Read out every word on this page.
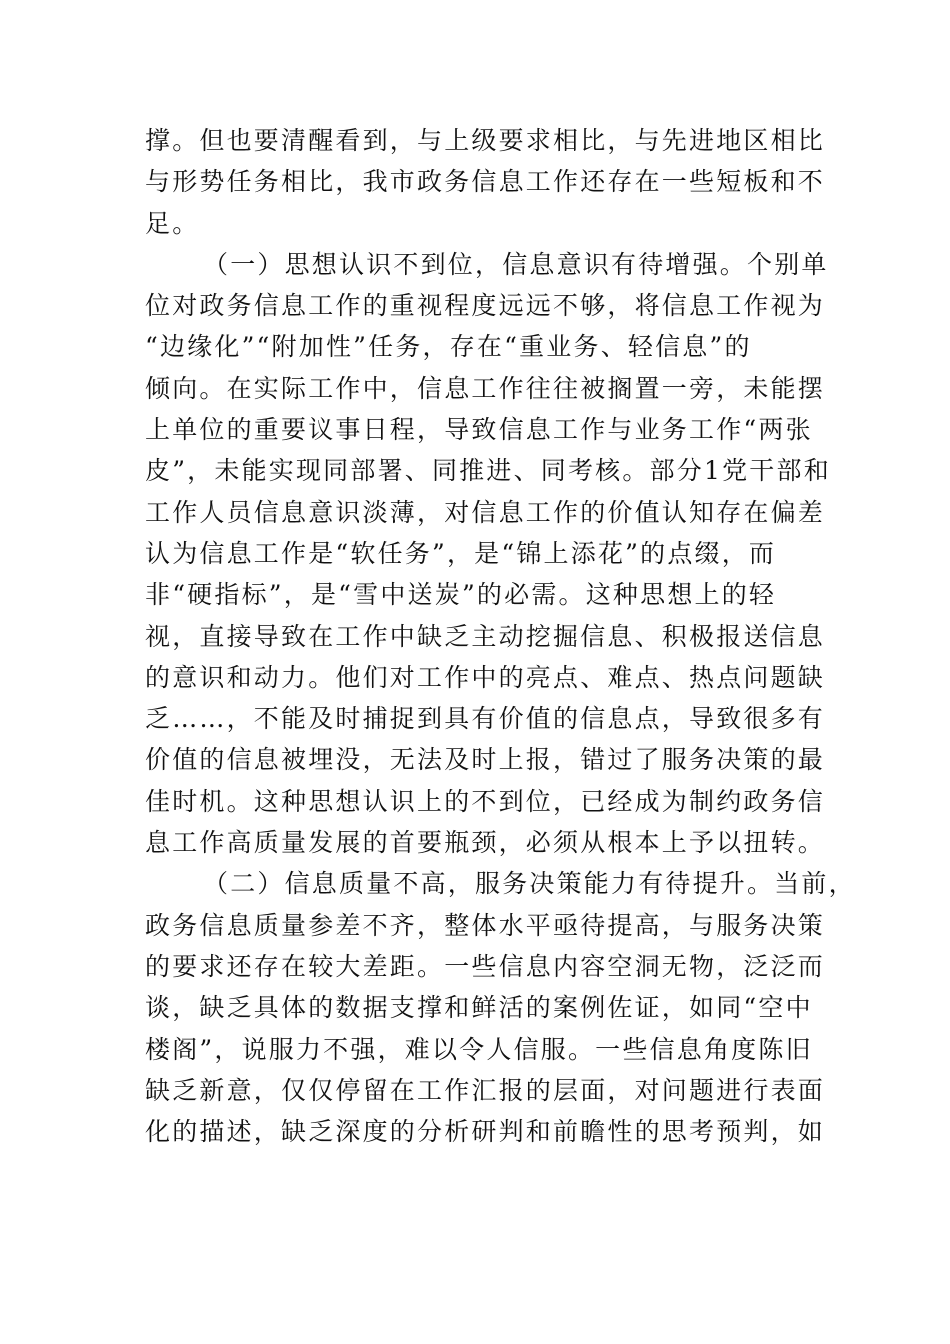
撑。但也要清醒看到，与上级要求相比，与先进地区相比
与形势任务相比，我市政务信息工作还存在一些短板和不
足。
（一）思想认识不到位，信息意识有待增强。个别单
位对政务信息工作的重视程度远远不够，将信息工作视为
“边缘化”“附加性”任务，存在“重业务、轻信息”的
倾向。在实际工作中，信息工作往往被搁置一旁，未能摆
上单位的重要议事日程，导致信息工作与业务工作“两张
皮”，未能实现同部署、同推进、同考核。部分1党干部和
工作人员信息意识淡薄，对信息工作的价值认知存在偏差
认为信息工作是“软任务”，是“锦上添花”的点缀，而
非“硬指标”，是“雪中送炭”的必需。这种思想上的轻
视，直接导致在工作中缺乏主动挖掘信息、积极报送信息
的意识和动力。他们对工作中的亮点、难点、热点问题缺
乏……，不能及时捕捉到具有价值的信息点，导致很多有
价值的信息被埋没，无法及时上报，错过了服务决策的最
佳时机。这种思想认识上的不到位，已经成为制约政务信
息工作高质量发展的首要瓶颈，必须从根本上予以扭转。
（二）信息质量不高，服务决策能力有待提升。当前，
政务信息质量参差不齐，整体水平亟待提高，与服务决策
的要求还存在较大差距。一些信息内容空洞无物，泛泛而
谈，缺乏具体的数据支撑和鲜活的案例佐证，如同“空中
楼阁”，说服力不强，难以令人信服。一些信息角度陈旧
缺乏新意，仅仅停留在工作汇报的层面，对问题进行表面
化的描述，缺乏深度的分析研判和前瞻性的思考预判，如
